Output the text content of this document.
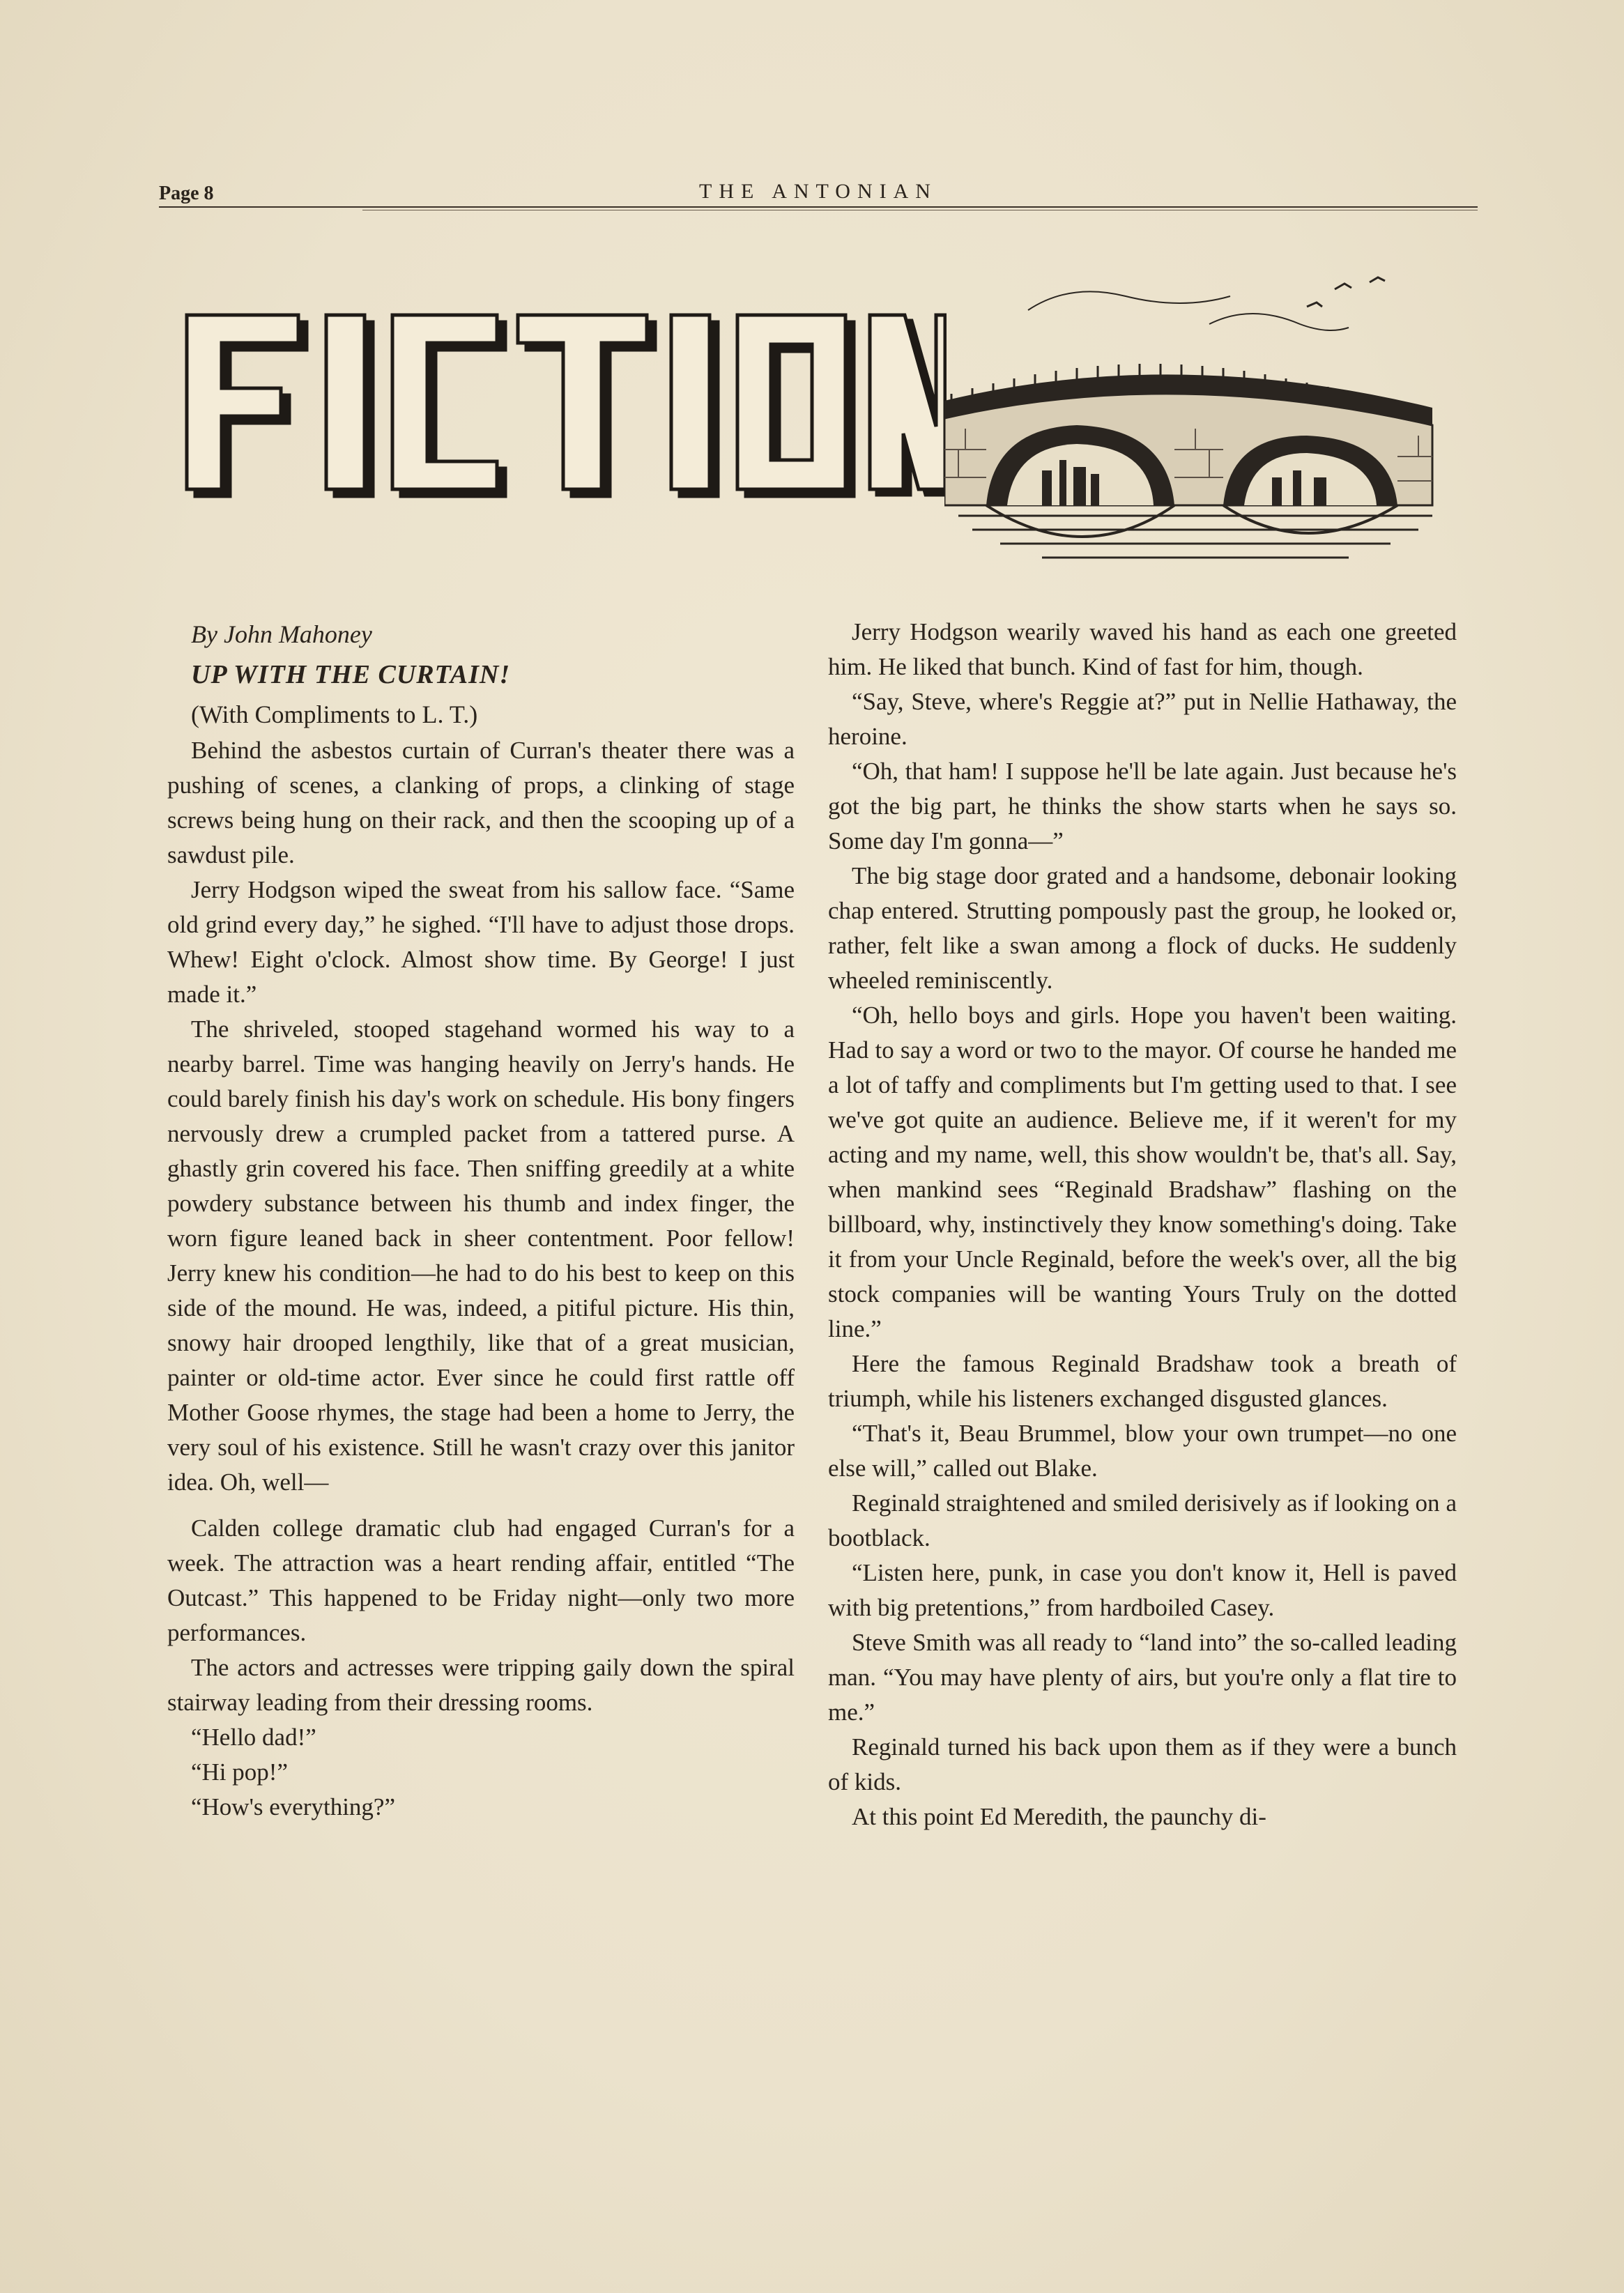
Page 8	THE ANTONIAN

By John Mahoney

UP WITH THE CURTAIN!

(With Compliments to L. T.)

Behind the asbestos curtain of Curran's theater there was a pushing of scenes, a clanking of props, a clinking of stage screws being hung on their rack, and then the scooping up of a sawdust pile.

Jerry Hodgson wiped the sweat from his sallow face. “Same old grind every day,” he sighed. “I'll have to adjust those drops. Whew! Eight o'clock. Almost show time. By George! I just made it.”

The shriveled, stooped stagehand wormed his way to a nearby barrel. Time was hanging heavily on Jerry's hands. He could barely finish his day's work on schedule. His bony fingers nervously drew a crumpled packet from a tattered purse. A ghastly grin covered his face. Then sniffing greedily at a white powdery substance between his thumb and index finger, the worn figure leaned back in sheer contentment. Poor fellow! Jerry knew his condition—he had to do his best to keep on this side of the mound. He was, indeed, a pitiful picture. His thin, snowy hair drooped lengthily, like that of a great musician, painter or old-time actor. Ever since he could first rattle off Mother Goose rhymes, the stage had been a home to Jerry, the very soul of his existence. Still he wasn't crazy over this janitor idea. Oh, well—

Calden college dramatic club had engaged Curran's for a week. The attraction was a heart rending affair, entitled “The Outcast.” This happened to be Friday night—only two more performances.

The actors and actresses were tripping gaily down the spiral stairway leading from their dressing rooms.

“Hello dad!”

“Hi pop!”

“How's everything?”

Jerry Hodgson wearily waved his hand as each one greeted him. He liked that bunch. Kind of fast for him, though.

“Say, Steve, where's Reggie at?” put in Nellie Hathaway, the heroine.

“Oh, that ham! I suppose he'll be late again. Just because he's got the big part, he thinks the show starts when he says so. Some day I'm gonna—”

The big stage door grated and a handsome, debonair looking chap entered. Strutting pompously past the group, he looked or, rather, felt like a swan among a flock of ducks. He suddenly wheeled reminiscently.

“Oh, hello boys and girls. Hope you haven't been waiting. Had to say a word or two to the mayor. Of course he handed me a lot of taffy and compliments but I'm getting used to that. I see we've got quite an audience. Believe me, if it weren't for my acting and my name, well, this show wouldn't be, that's all. Say, when mankind sees “Reginald Bradshaw” flashing on the billboard, why, instinctively they know something's doing. Take it from your Uncle Reginald, before the week's over, all the big stock companies will be wanting Yours Truly on the dotted line.”

Here the famous Reginald Bradshaw took a breath of triumph, while his listeners exchanged disgusted glances.

“That's it, Beau Brummel, blow your own trumpet—no one else will,” called out Blake.

Reginald straightened and smiled derisively as if looking on a bootblack.

“Listen here, punk, in case you don't know it, Hell is paved with big pretentions,” from hardboiled Casey.

Steve Smith was all ready to “land into” the so-called leading man. “You may have plenty of airs, but you're only a flat tire to me.”

Reginald turned his back upon them as if they were a bunch of kids.

At this point Ed Meredith, the paunchy di-
